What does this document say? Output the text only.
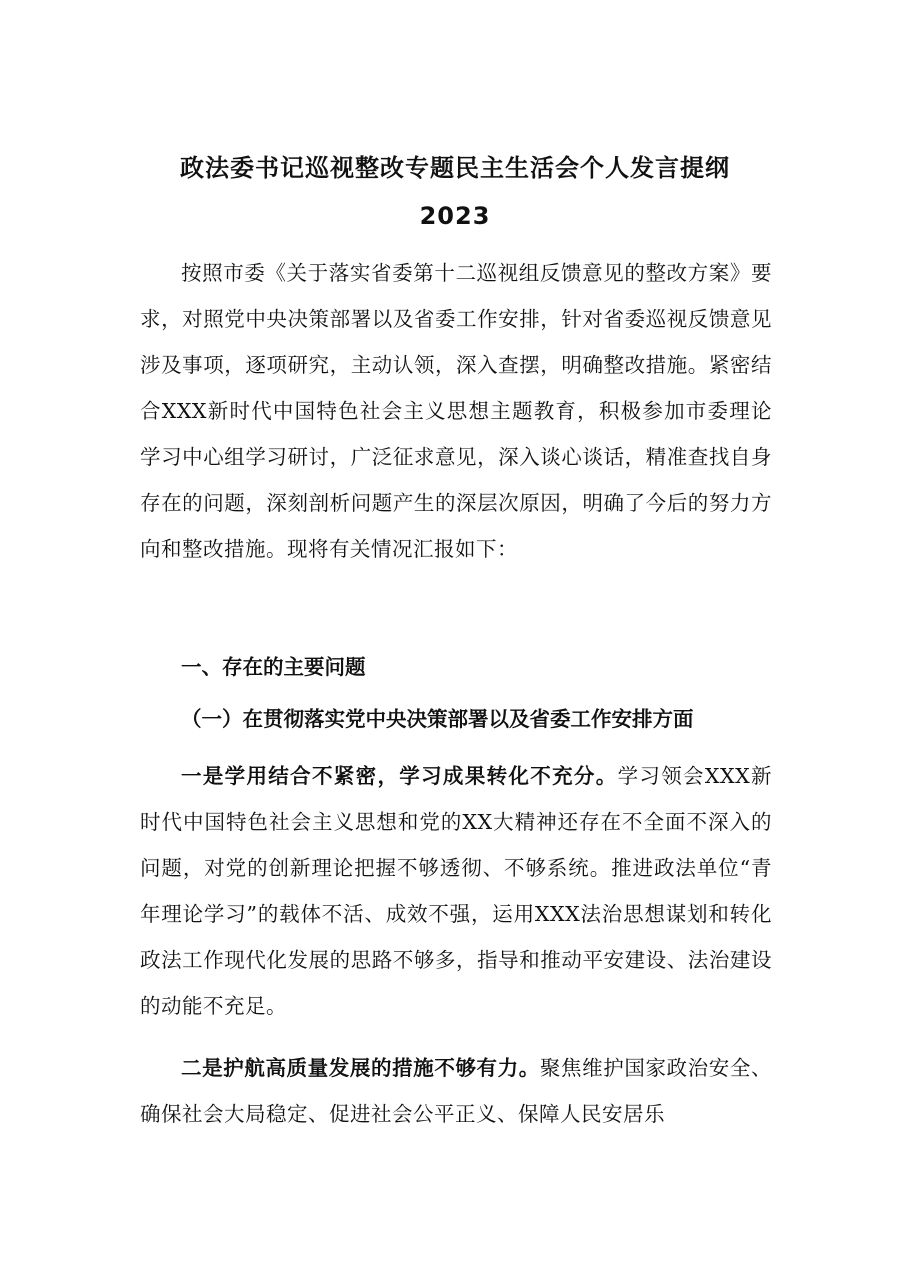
政法委书记巡视整改专题民主生活会个人发言提纲
2023

按照市委《关于落实省委第十二巡视组反馈意见的整改方案》要求，对照党中央决策部署以及省委工作安排，针对省委巡视反馈意见涉及事项，逐项研究，主动认领，深入查摆，明确整改措施。紧密结合XXX新时代中国特色社会主义思想主题教育，积极参加市委理论学习中心组学习研讨，广泛征求意见，深入谈心谈话，精准查找自身存在的问题，深刻剖析问题产生的深层次原因，明确了今后的努力方向和整改措施。现将有关情况汇报如下：

一、存在的主要问题
（一）在贯彻落实党中央决策部署以及省委工作安排方面

一是学用结合不紧密，学习成果转化不充分。学习领会XXX新时代中国特色社会主义思想和党的XX大精神还存在不全面不深入的问题，对党的创新理论把握不够透彻、不够系统。推进政法单位“青年理论学习”的载体不活、成效不强，运用XXX法治思想谋划和转化政法工作现代化发展的思路不够多，指导和推动平安建设、法治建设的动能不充足。

二是护航高质量发展的措施不够有力。聚焦维护国家政治安全、确保社会大局稳定、促进社会公平正义、保障人民安居乐
